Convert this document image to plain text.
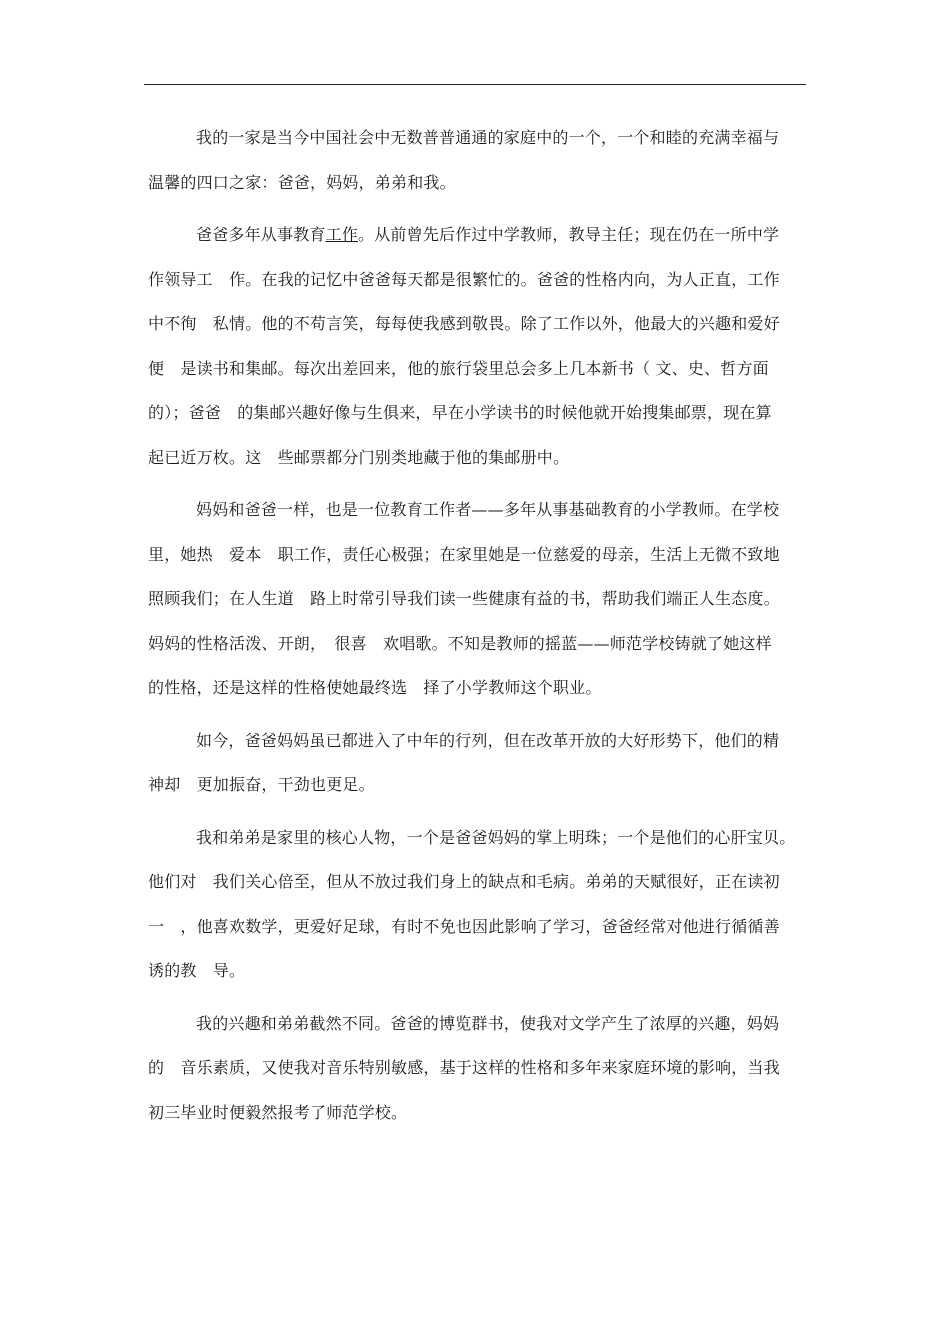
我的一家是当今中国社会中无数普普通通的家庭中的一个，一个和睦的充满幸福与
温馨的四口之家：爸爸，妈妈，弟弟和我。
爸爸多年从事教育工作。从前曾先后作过中学教师，教导主任；现在仍在一所中学
作领导工　作。在我的记忆中爸爸每天都是很繁忙的。爸爸的性格内向，为人正直，工作
中不徇　私情。他的不苟言笑，每每使我感到敬畏。除了工作以外，他最大的兴趣和爱好
便　是读书和集邮。每次出差回来，他的旅行袋里总会多上几本新书（ 文、史、哲方面
的）；爸爸　的集邮兴趣好像与生俱来，早在小学读书的时候他就开始搜集邮票，现在算
起已近万枚。这　些邮票都分门别类地藏于他的集邮册中。
妈妈和爸爸一样，也是一位教育工作者——多年从事基础教育的小学教师。在学校
里，她热　爱本　职工作，责任心极强；在家里她是一位慈爱的母亲，生活上无微不致地
照顾我们；在人生道　路上时常引导我们读一些健康有益的书，帮助我们端正人生态度。
妈妈的性格活泼、开朗，　很喜　欢唱歌。不知是教师的摇蓝——师范学校铸就了她这样
的性格，还是这样的性格使她最终选　择了小学教师这个职业。
如今，爸爸妈妈虽已都进入了中年的行列，但在改革开放的大好形势下，他们的精
神却　更加振奋，干劲也更足。
我和弟弟是家里的核心人物，一个是爸爸妈妈的掌上明珠；一个是他们的心肝宝贝。
他们对　我们关心倍至，但从不放过我们身上的缺点和毛病。弟弟的天赋很好，正在读初
一　，他喜欢数学，更爱好足球，有时不免也因此影响了学习，爸爸经常对他进行循循善
诱的教　导。
我的兴趣和弟弟截然不同。爸爸的博览群书，使我对文学产生了浓厚的兴趣，妈妈
的　音乐素质，又使我对音乐特别敏感，基于这样的性格和多年来家庭环境的影响，当我
初三毕业时便毅然报考了师范学校。
